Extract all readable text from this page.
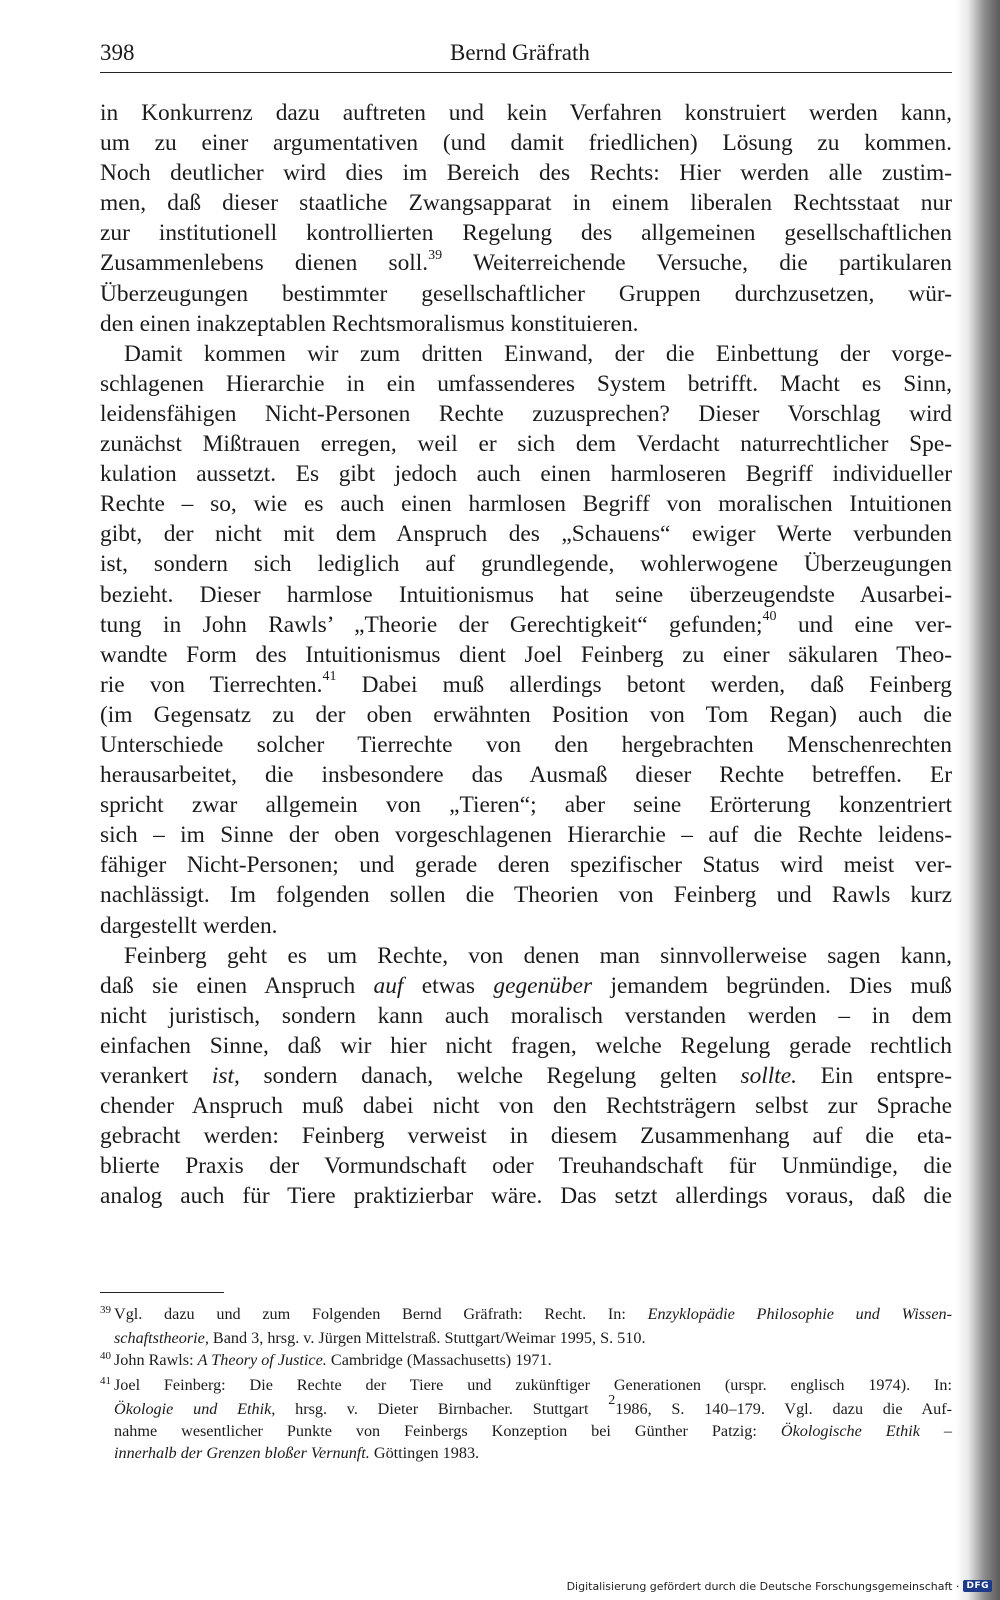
398	Bernd Gräfrath
in Konkurrenz dazu auftreten und kein Verfahren konstruiert werden kann,
um zu einer argumentativen (und damit friedlichen) Lösung zu kommen.
Noch deutlicher wird dies im Bereich des Rechts: Hier werden alle zustim-
men, daß dieser staatliche Zwangsapparat in einem liberalen Rechtsstaat nur
zur institutionell kontrollierten Regelung des allgemeinen gesellschaftlichen
Zusammenlebens dienen soll.$^{39}$ Weiterreichende Versuche, die partikularen
Überzeugungen bestimmter gesellschaftlicher Gruppen durchzusetzen, wür-
den einen inakzeptablen Rechtsmoralismus konstituieren.
Damit kommen wir zum dritten Einwand, der die Einbettung der vorge-
schlagenen Hierarchie in ein umfassenderes System betrifft. Macht es Sinn,
leidensfähigen Nicht-Personen Rechte zuzusprechen? Dieser Vorschlag wird
zunächst Mißtrauen erregen, weil er sich dem Verdacht naturrechtlicher Spe-
kulation aussetzt. Es gibt jedoch auch einen harmloseren Begriff individueller
Rechte – so, wie es auch einen harmlosen Begriff von moralischen Intuitionen
gibt, der nicht mit dem Anspruch des „Schauens“ ewiger Werte verbunden
ist, sondern sich lediglich auf grundlegende, wohlerwogene Überzeugungen
bezieht. Dieser harmlose Intuitionismus hat seine überzeugendste Ausarbei-
tung in John Rawls’ „Theorie der Gerechtigkeit“ gefunden;$^{40}$ und eine ver-
wandte Form des Intuitionismus dient Joel Feinberg zu einer säkularen Theo-
rie von Tierrechten.$^{41}$ Dabei muß allerdings betont werden, daß Feinberg
(im Gegensatz zu der oben erwähnten Position von Tom Regan) auch die
Unterschiede solcher Tierrechte von den hergebrachten Menschenrechten
herausarbeitet, die insbesondere das Ausmaß dieser Rechte betreffen. Er
spricht zwar allgemein von „Tieren“; aber seine Erörterung konzentriert
sich – im Sinne der oben vorgeschlagenen Hierarchie – auf die Rechte leidens-
fähiger Nicht-Personen; und gerade deren spezifischer Status wird meist ver-
nachlässigt. Im folgenden sollen die Theorien von Feinberg und Rawls kurz
dargestellt werden.
Feinberg geht es um Rechte, von denen man sinnvollerweise sagen kann,
daß sie einen Anspruch auf etwas gegenüber jemandem begründen. Dies muß
nicht juristisch, sondern kann auch moralisch verstanden werden – in dem
einfachen Sinne, daß wir hier nicht fragen, welche Regelung gerade rechtlich
verankert ist, sondern danach, welche Regelung gelten sollte. Ein entspre-
chender Anspruch muß dabei nicht von den Rechtsträgern selbst zur Sprache
gebracht werden: Feinberg verweist in diesem Zusammenhang auf die eta-
blierte Praxis der Vormundschaft oder Treuhandschaft für Unmündige, die
analog auch für Tiere praktizierbar wäre. Das setzt allerdings voraus, daß die
$^{39}$ Vgl. dazu und zum Folgenden Bernd Gräfrath: Recht. In: Enzyklopädie Philosophie und Wissen-
schaftstheorie, Band 3, hrsg. v. Jürgen Mittelstraß. Stuttgart/Weimar 1995, S. 510.
$^{40}$ John Rawls: A Theory of Justice. Cambridge (Massachusetts) 1971.
$^{41}$ Joel Feinberg: Die Rechte der Tiere und zukünftiger Generationen (urspr. englisch 1974). In:
Ökologie und Ethik, hrsg. v. Dieter Birnbacher. Stuttgart $^2$1986, S. 140–179. Vgl. dazu die Auf-
nahme wesentlicher Punkte von Feinbergs Konzeption bei Günther Patzig: Ökologische Ethik –
innerhalb der Grenzen bloßer Vernunft. Göttingen 1983.
Digitalisierung gefördert durch die Deutsche Forschungsgemeinschaft · DFG
